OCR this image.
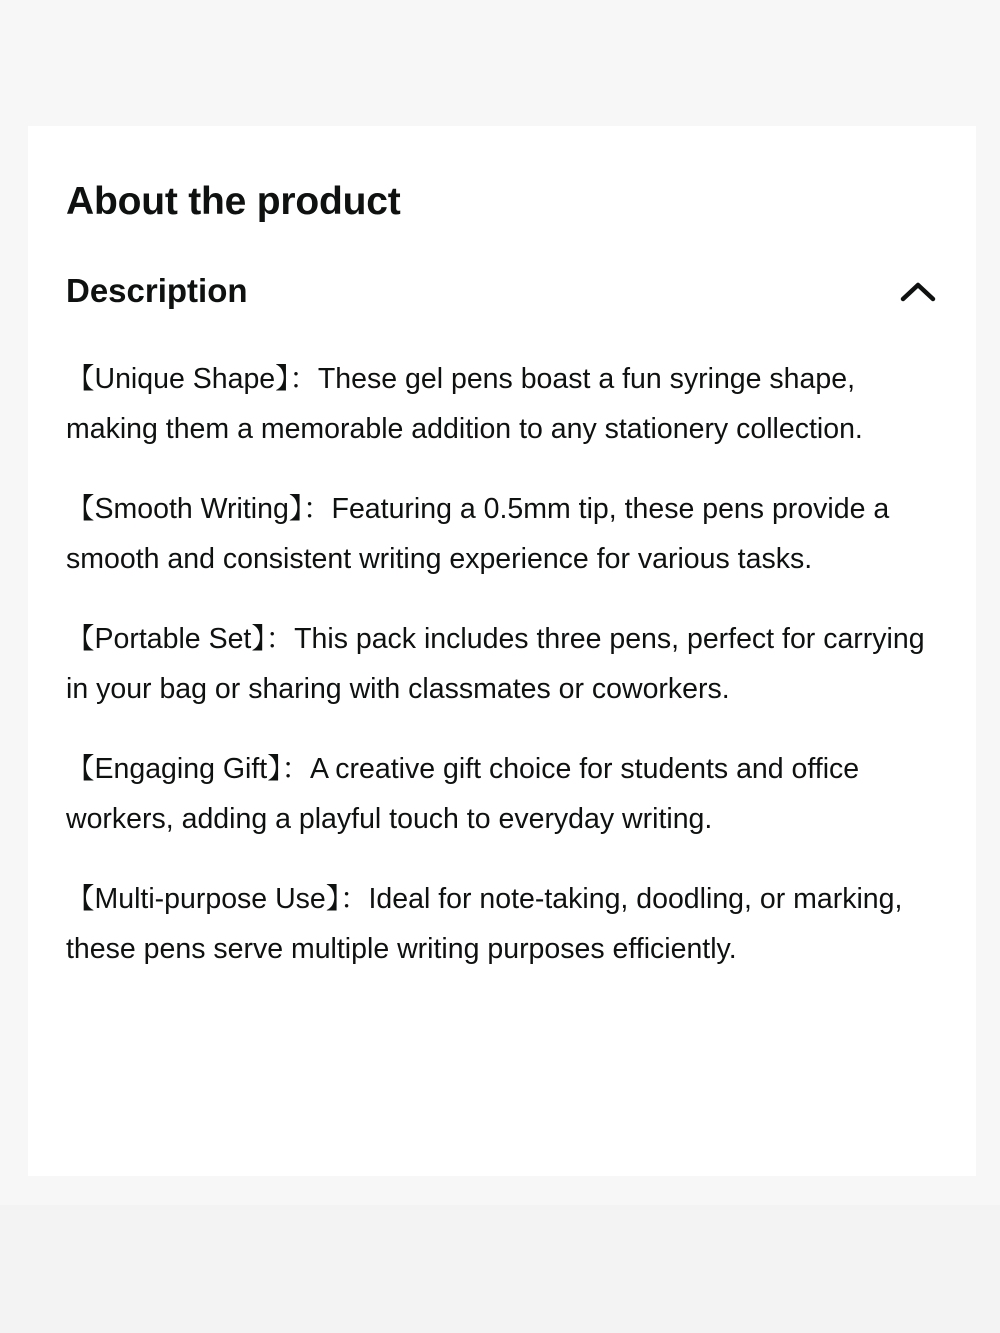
About the product
Description

【Unique Shape】：These gel pens boast a fun syringe shape, making them a memorable addition to any stationery collection.

【Smooth Writing】：Featuring a 0.5mm tip, these pens provide a smooth and consistent writing experience for various tasks.

【Portable Set】：This pack includes three pens, perfect for carrying in your bag or sharing with classmates or coworkers.

【Engaging Gift】：A creative gift choice for students and office workers, adding a playful touch to everyday writing.

【Multi-purpose Use】：Ideal for note-taking, doodling, or marking, these pens serve multiple writing purposes efficiently.
